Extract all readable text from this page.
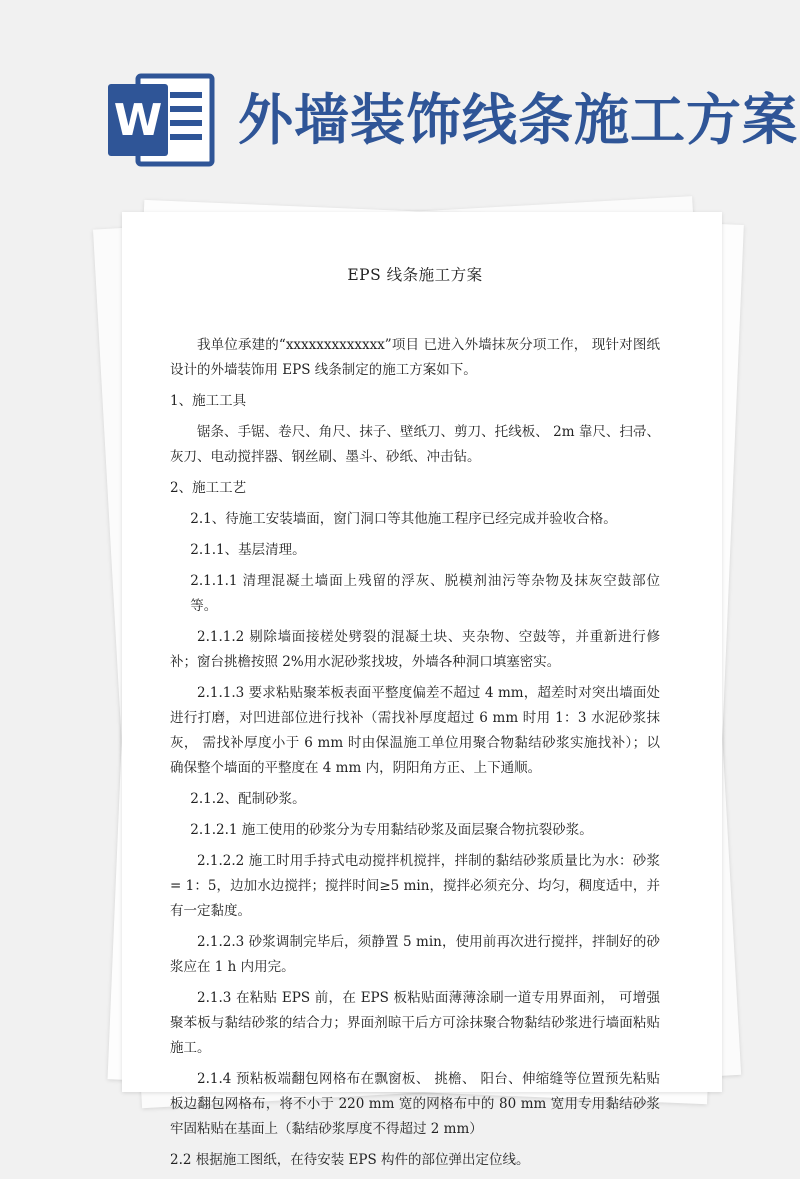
W 外墙装饰线条施工方案
EPS 线条施工方案

我单位承建的“xxxxxxxxxxxxx”项目 已进入外墙抹灰分项工作， 现针对图纸设计的外墙装饰用 EPS 线条制定的施工方案如下。

1、施工工具

锯条、手锯、卷尺、角尺、抹子、壁纸刀、剪刀、托线板、 2m 靠尺、扫帚、灰刀、电动搅拌器、钢丝刷、墨斗、砂纸、冲击钻。

2、施工工艺

2.1、待施工安装墙面，窗门洞口等其他施工程序已经完成并验收合格。

2.1.1、基层清理。

2.1.1.1 清理混凝土墙面上残留的浮灰、脱模剂油污等杂物及抹灰空鼓部位等。

2.1.1.2 剔除墙面接槎处劈裂的混凝土块、夹杂物、空鼓等，并重新进行修补；窗台挑檐按照 2%用水泥砂浆找坡，外墙各种洞口填塞密实。

2.1.1.3 要求粘贴聚苯板表面平整度偏差不超过 4 mm，超差时对突出墙面处进行打磨，对凹进部位进行找补（需找补厚度超过 6 mm 时用 1：3 水泥砂浆抹灰， 需找补厚度小于 6 mm 时由保温施工单位用聚合物黏结砂浆实施找补）；以确保整个墙面的平整度在 4 mm 内，阴阳角方正、上下通顺。

2.1.2、配制砂浆。

2.1.2.1 施工使用的砂浆分为专用黏结砂浆及面层聚合物抗裂砂浆。

2.1.2.2 施工时用手持式电动搅拌机搅拌，拌制的黏结砂浆质量比为水：砂浆= 1：5，边加水边搅拌；搅拌时间≥5 min，搅拌必须充分、均匀，稠度适中，并有一定黏度。

2.1.2.3 砂浆调制完毕后，须静置 5 min，使用前再次进行搅拌，拌制好的砂浆应在 1 h 内用完。

2.1.3 在粘贴 EPS 前，在 EPS 板粘贴面薄薄涂刷一道专用界面剂， 可增强聚苯板与黏结砂浆的结合力；界面剂晾干后方可涂抹聚合物黏结砂浆进行墙面粘贴施工。

2.1.4 预粘板端翻包网格布在飘窗板、 挑檐、 阳台、伸缩缝等位置预先粘贴板边翻包网格布，将不小于 220 mm 宽的网格布中的 80 mm 宽用专用黏结砂浆牢固粘贴在基面上（黏结砂浆厚度不得超过 2 mm）

2.2 根据施工图纸，在待安装 EPS 构件的部位弹出定位线。
